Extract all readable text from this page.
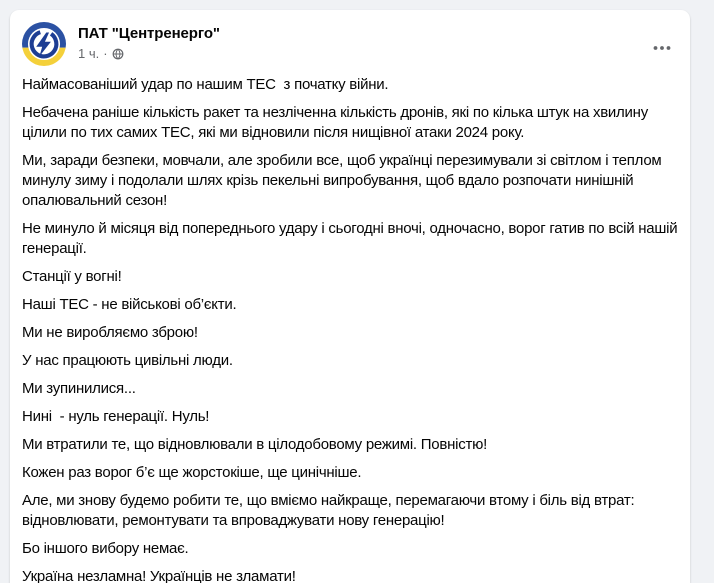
ПАТ "Центренерго"
1 ч. ·

Наймасованіший удар по нашим ТЕС  з початку війни.

Небачена раніше кількість ракет та незліченна кількість дронів, які по кілька штук на хвилину цілили по тих самих ТЕС, які ми відновили після нищівної атаки 2024 року.

Ми, заради безпеки, мовчали, але зробили все, щоб українці перезимували зі світлом і теплом минулу зиму і подолали шлях крізь пекельні випробування, щоб вдало розпочати нинішній опалювальний сезон!

Не минуло й місяця від попереднього удару і сьогодні вночі, одночасно, ворог гатив по всій нашій генерації.

Станції у вогні!

Наші ТЕС - не військові об’єкти.

Ми не виробляємо зброю!

У нас працюють цивільні люди.

Ми зупинилися...

Нині  - нуль генерації. Нуль!

Ми втратили те, що відновлювали в цілодобовому режимі. Повністю!

Кожен раз ворог б’є ще жорстокіше, ще цинічніше.

Але, ми знову будемо робити те, що вміємо найкраще, перемагаючи втому і біль від втрат: відновлювати, ремонтувати та впроваджувати нову генерацію!

Бо іншого вибору немає.

Україна незламна! Українців не зламати!
